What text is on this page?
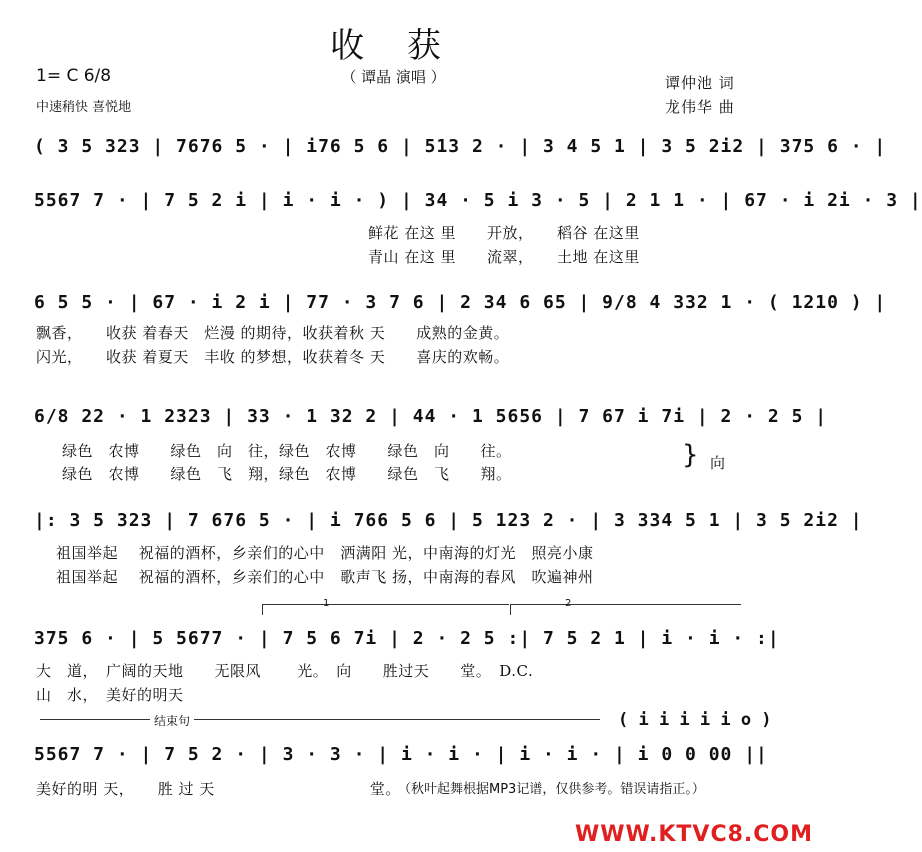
收 获
（ 谭晶 演唱 ）
1= C 6/8
中速稍快 喜悦地
谭仲池 词
龙伟华 曲
( 3 5 323 | 7676 5 · | i76 5 6 | 513 2 · | 3 4 5 1 | 3 5 2i2 | 375 6 · |
5567 7 · | 7 5 2 i | i · i · ) | 34 · 5 i 3 · 5 | 2 1 1 · | 67 · i 2i · 3 |
鲜花 在这 里　　开放，　　稻谷 在这里
青山 在这 里　　流翠，　　土地 在这里
6 5 5 · | 67 · i 2 i | 77 · 3 7 6 | 2 34 6 65 | 9/8 4 332 1 · ( 1210 ) |
飘香，　　收获 着春天　烂漫 的期待，收获着秋 天　　成熟的金黄。
闪光，　　收获 着夏天　丰收 的梦想，收获着冬 天　　喜庆的欢畅。
6/8 22 · 1 2323 | 33 · 1 32 2 | 44 · 1 5656 | 7 67 i 7i | 2 · 2 5 |
绿色　农博　　绿色　向　往，绿色　农博　　绿色　向　　往。
绿色　农博　　绿色　飞　翔，绿色　农博　　绿色　飞　　翔。
} 向
|: 3 5 323 | 7 676 5 · | i 766 5 6 | 5 123 2 · | 3 334 5 1 | 3 5 2i2 |
祖国举起　 祝福的酒杯，乡亲们的心中　洒满阳 光，中南海的灯光　照亮小康
祖国举起　 祝福的酒杯，乡亲们的心中　歌声飞 扬，中南海的春风　吹遍神州
1	2
375 6 · | 5 5677 · | 7 5 6 7i | 2 · 2 5 :| 7 5 2 1 | i · i · :|
大　道，　广阔的天地　　无限风　　 光。　向　　胜过天　　堂。　D.C.
山　水，　美好的明天
结束句	( i i i i i o )
5567 7 · | 7 5 2 · | 3 · 3 · | i · i · | i · i · | i 0 0 00 ||
美好的明 天，　　胜 过 天　　　　　　　　　　堂。
（秋叶起舞根据MP3记谱，仅供参考。错误请指正。）
WWW.KTVC8.COM
